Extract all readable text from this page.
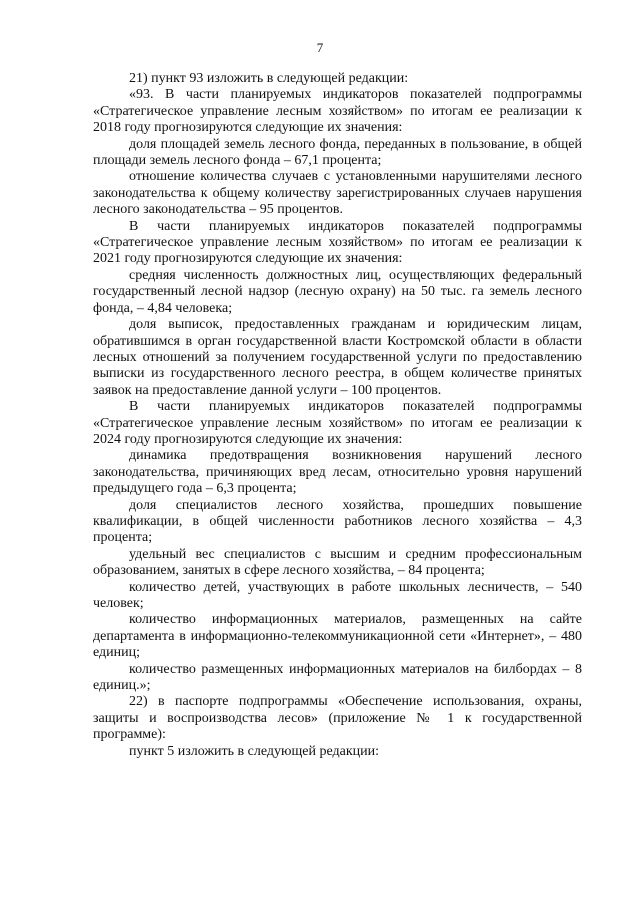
7

21) пункт 93 изложить в следующей редакции:

«93. В части планируемых индикаторов показателей подпрограммы «Стратегическое управление лесным хозяйством» по итогам ее реализации к 2018 году прогнозируются следующие их значения:

доля площадей земель лесного фонда, переданных в пользование, в общей площади земель лесного фонда – 67,1 процента;

отношение количества случаев с установленными нарушителями лесного законодательства к общему количеству зарегистрированных случаев нарушения лесного законодательства – 95 процентов.

В части планируемых индикаторов показателей подпрограммы «Стратегическое управление лесным хозяйством» по итогам ее реализации к 2021 году прогнозируются следующие их значения:

средняя численность должностных лиц, осуществляющих федеральный государственный лесной надзор (лесную охрану) на 50 тыс. га земель лесного фонда, – 4,84 человека;

доля выписок, предоставленных гражданам и юридическим лицам, обратившимся в орган государственной власти Костромской области в области лесных отношений за получением государственной услуги по предоставлению выписки из государственного лесного реестра, в общем количестве принятых заявок на предоставление данной услуги – 100 процентов.

В части планируемых индикаторов показателей подпрограммы «Стратегическое управление лесным хозяйством» по итогам ее реализации к 2024 году прогнозируются следующие их значения:

динамика предотвращения возникновения нарушений лесного законодательства, причиняющих вред лесам, относительно уровня нарушений предыдущего года – 6,3 процента;

доля специалистов лесного хозяйства, прошедших повышение квалификации, в общей численности работников лесного хозяйства – 4,3 процента;

удельный вес специалистов с высшим и средним профессиональным образованием, занятых в сфере лесного хозяйства, – 84 процента;

количество детей, участвующих в работе школьных лесничеств, – 540 человек;

количество информационных материалов, размещенных на сайте департамента в информационно-телекоммуникационной сети «Интернет», – 480 единиц;

количество размещенных информационных материалов на билбордах – 8 единиц.»;

22) в паспорте подпрограммы «Обеспечение использования, охраны, защиты и воспроизводства лесов» (приложение № 1 к государственной программе):

пункт 5 изложить в следующей редакции:
